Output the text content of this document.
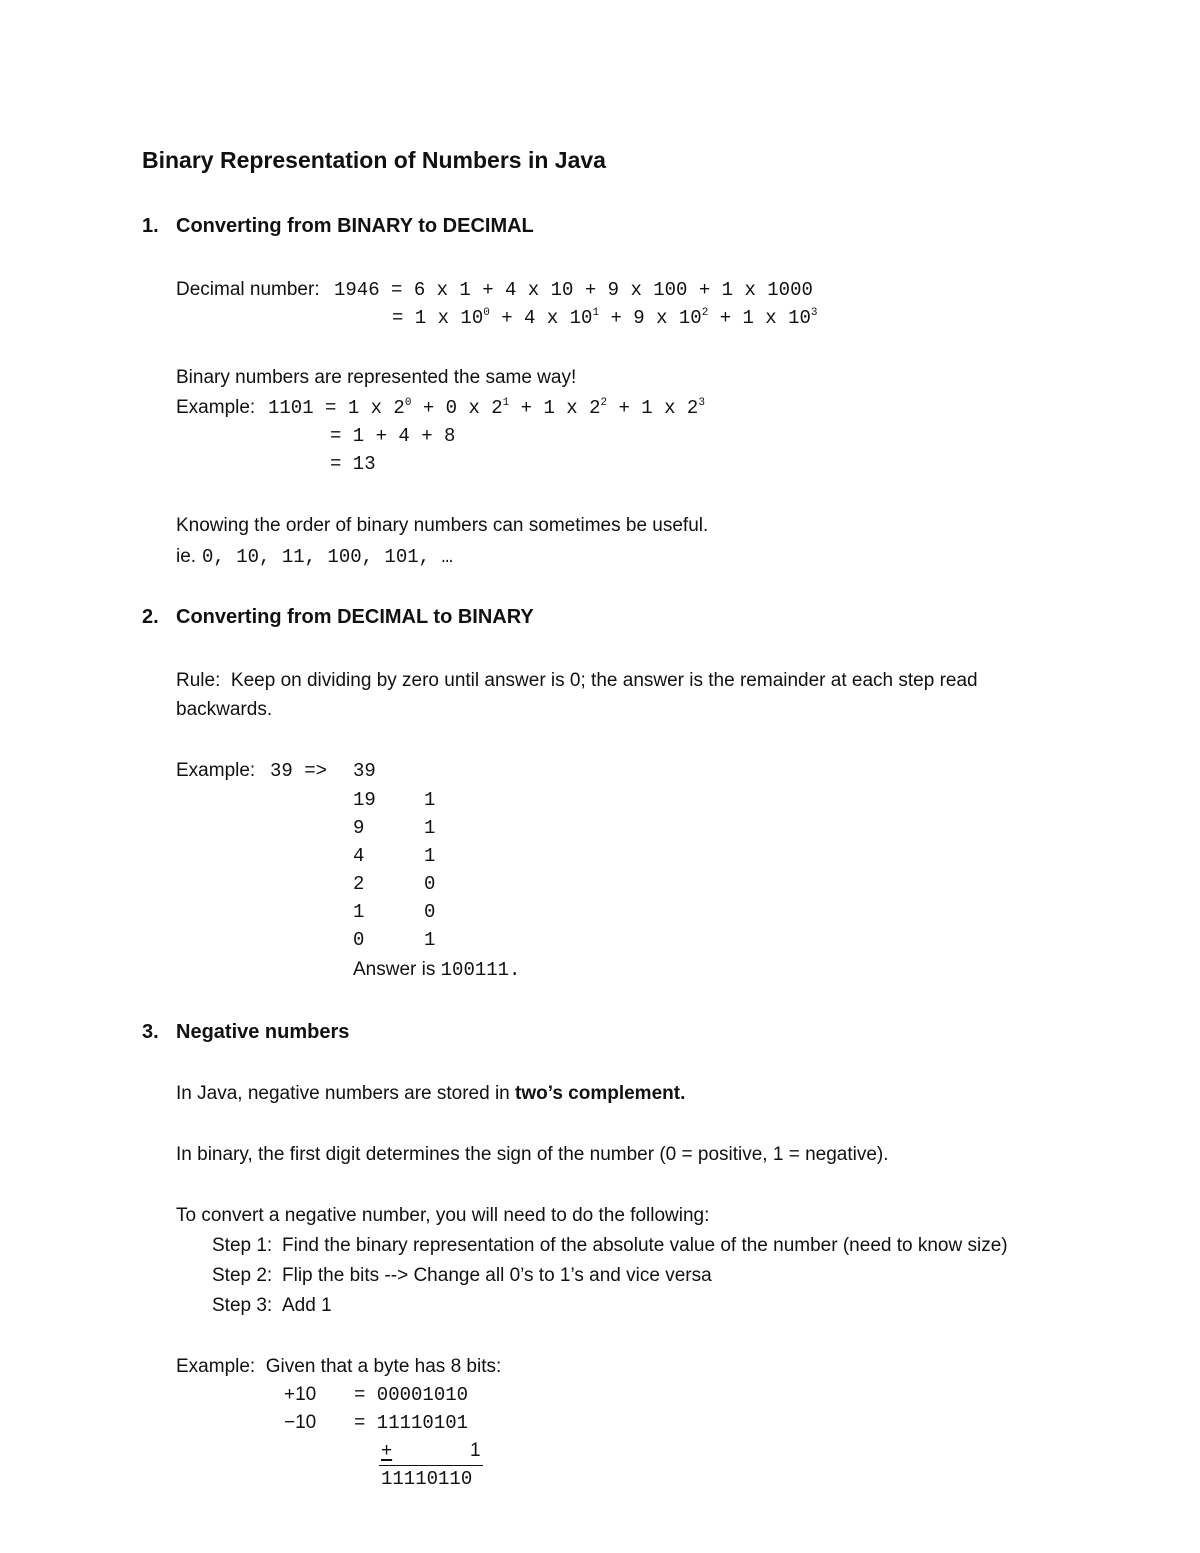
Binary Representation of Numbers in Java
1. Converting from BINARY to DECIMAL
Decimal number: 1946 = 6 x 1 + 4 x 10 + 9 x 100 + 1 x 1000
= 1 x $10^0 + 4$ x $10^1 + 9$ x $10^2 + 1$ x $10^3$
Binary numbers are represented the same way!
Example: 1101 = 1 x $2^0 + 0$ x $2^1 + 1$ x $2^2 + 1$ x $2^3$
= 1 + 4 + 8
= 13
Knowing the order of binary numbers can sometimes be useful.
ie. 0, 10, 11, 100, 101, …
2. Converting from DECIMAL to BINARY
Rule:  Keep on dividing by zero until answer is 0; the answer is the remainder at each step read
backwards.
Example: 39 => 39
19	1
9	1
4	1
2	0
1	0
0	1
Answer is 100111.
3. Negative numbers
In Java, negative numbers are stored in two’s complement.
In binary, the first digit determines the sign of the number (0 = positive, 1 = negative).
To convert a negative number, you will need to do the following:
Step 1: Find the binary representation of the absolute value of the number (need to know size)
Step 2: Flip the bits --> Change all 0’s to 1’s and vice versa
Step 3: Add 1
Example:  Given that a byte has 8 bits:
+10 = 00001010
−10 = 11110101
+	1
11110110
